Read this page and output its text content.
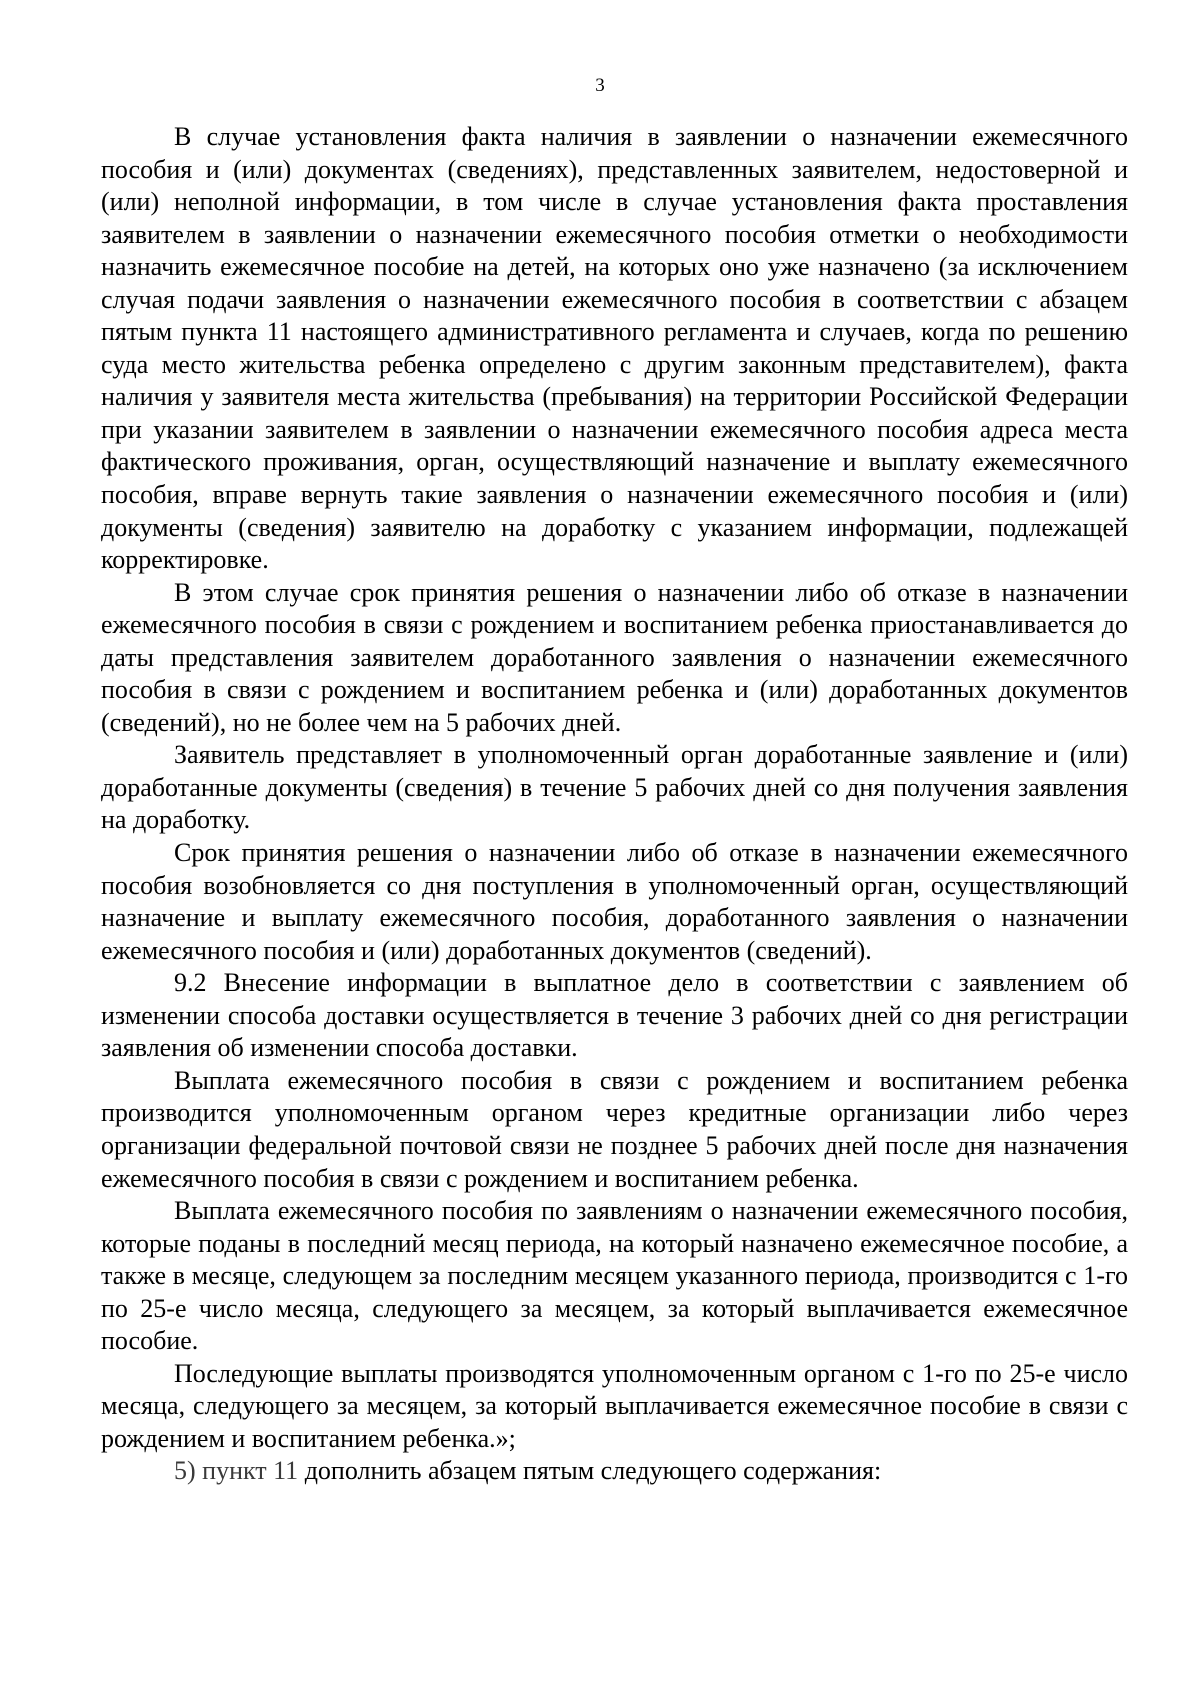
3

В случае установления факта наличия в заявлении о назначении ежемесячного пособия и (или) документах (сведениях), представленных заявителем, недостоверной и (или) неполной информации, в том числе в случае установления факта проставления заявителем в заявлении о назначении ежемесячного пособия отметки о необходимости назначить ежемесячное пособие на детей, на которых оно уже назначено (за исключением случая подачи заявления о назначении ежемесячного пособия в соответствии с абзацем пятым пункта 11 настоящего административного регламента и случаев, когда по решению суда место жительства ребенка определено с другим законным представителем), факта наличия у заявителя места жительства (пребывания) на территории Российской Федерации при указании заявителем в заявлении о назначении ежемесячного пособия адреса места фактического проживания, орган, осуществляющий назначение и выплату ежемесячного пособия, вправе вернуть такие заявления о назначении ежемесячного пособия и (или) документы (сведения) заявителю на доработку с указанием информации, подлежащей корректировке.

В этом случае срок принятия решения о назначении либо об отказе в назначении ежемесячного пособия в связи с рождением и воспитанием ребенка приостанавливается до даты представления заявителем доработанного заявления о назначении ежемесячного пособия в связи с рождением и воспитанием ребенка и (или) доработанных документов (сведений), но не более чем на 5 рабочих дней.

Заявитель представляет в уполномоченный орган доработанные заявление и (или) доработанные документы (сведения) в течение 5 рабочих дней со дня получения заявления на доработку.

Срок принятия решения о назначении либо об отказе в назначении ежемесячного пособия возобновляется со дня поступления в уполномоченный орган, осуществляющий назначение и выплату ежемесячного пособия, доработанного заявления о назначении ежемесячного пособия и (или) доработанных документов (сведений).

9.2 Внесение информации в выплатное дело в соответствии с заявлением об изменении способа доставки осуществляется в течение 3 рабочих дней со дня регистрации заявления об изменении способа доставки.

Выплата ежемесячного пособия в связи с рождением и воспитанием ребенка производится уполномоченным органом через кредитные организации либо через организации федеральной почтовой связи не позднее 5 рабочих дней после дня назначения ежемесячного пособия в связи с рождением и воспитанием ребенка.

Выплата ежемесячного пособия по заявлениям о назначении ежемесячного пособия, которые поданы в последний месяц периода, на который назначено ежемесячное пособие, а также в месяце, следующем за последним месяцем указанного периода, производится с 1-го по 25-е число месяца, следующего за месяцем, за который выплачивается ежемесячное пособие.

Последующие выплаты производятся уполномоченным органом с 1-го по 25-е число месяца, следующего за месяцем, за который выплачивается ежемесячное пособие в связи с рождением и воспитанием ребенка.»;

5) пункт 11 дополнить абзацем пятым следующего содержания:
